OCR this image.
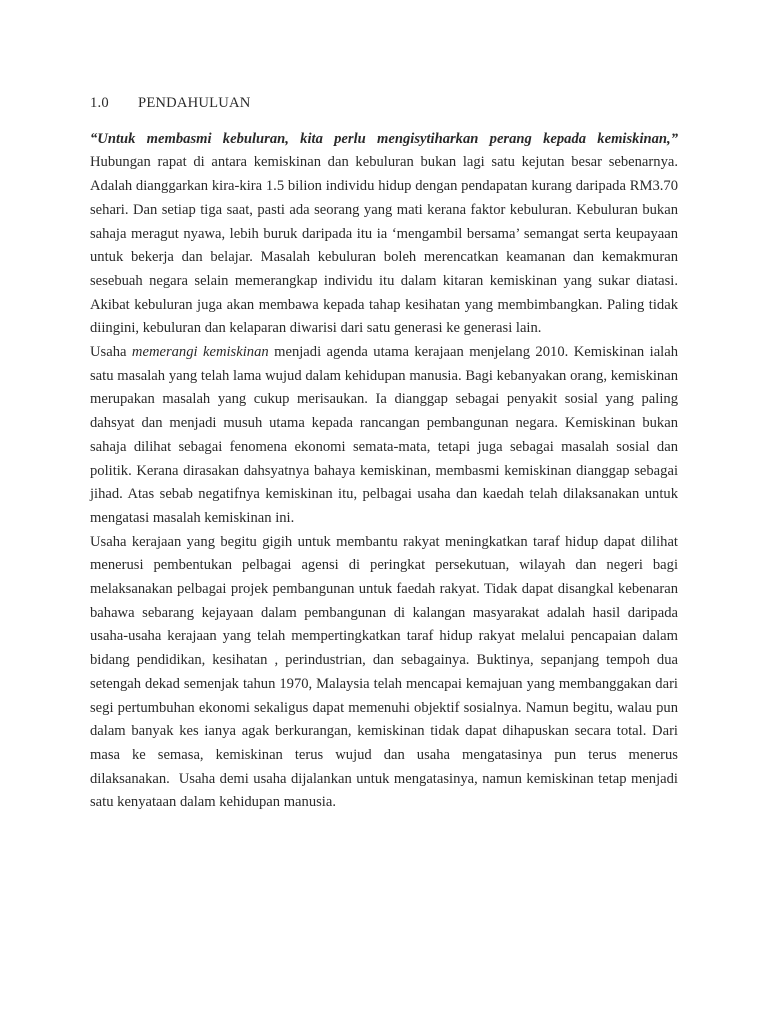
1.0	PENDAHULUAN

“Untuk membasmi kebuluran, kita perlu mengisytiharkan perang kepada kemiskinan,” Hubungan rapat di antara kemiskinan dan kebuluran bukan lagi satu kejutan besar sebenarnya. Adalah dianggarkan kira-kira 1.5 bilion individu hidup dengan pendapatan kurang daripada RM3.70 sehari. Dan setiap tiga saat, pasti ada seorang yang mati kerana faktor kebuluran. Kebuluran bukan sahaja meragut nyawa, lebih buruk daripada itu ia ‘mengambil bersama’ semangat serta keupayaan untuk bekerja dan belajar. Masalah kebuluran boleh merencatkan keamanan dan kemakmuran sesebuah negara selain memerangkap individu itu dalam kitaran kemiskinan yang sukar diatasi. Akibat kebuluran juga akan membawa kepada tahap kesihatan yang membimbangkan. Paling tidak diingini, kebuluran dan kelaparan diwarisi dari satu generasi ke generasi lain.

Usaha memerangi kemiskinan menjadi agenda utama kerajaan menjelang 2010. Kemiskinan ialah satu masalah yang telah lama wujud dalam kehidupan manusia. Bagi kebanyakan orang, kemiskinan merupakan masalah yang cukup merisaukan. Ia dianggap sebagai penyakit sosial yang paling dahsyat dan menjadi musuh utama kepada rancangan pembangunan negara. Kemiskinan bukan sahaja dilihat sebagai fenomena ekonomi semata-mata, tetapi juga sebagai masalah sosial dan politik. Kerana dirasakan dahsyatnya bahaya kemiskinan, membasmi kemiskinan dianggap sebagai jihad. Atas sebab negatifnya kemiskinan itu, pelbagai usaha dan kaedah telah dilaksanakan untuk mengatasi masalah kemiskinan ini.

Usaha kerajaan yang begitu gigih untuk membantu rakyat meningkatkan taraf hidup dapat dilihat menerusi pembentukan pelbagai agensi di peringkat persekutuan, wilayah dan negeri bagi melaksanakan pelbagai projek pembangunan untuk faedah rakyat. Tidak dapat disangkal kebenaran bahawa sebarang kejayaan dalam pembangunan di kalangan masyarakat adalah hasil daripada usaha-usaha kerajaan yang telah mempertingkatkan taraf hidup rakyat melalui pencapaian dalam bidang pendidikan, kesihatan , perindustrian, dan sebagainya. Buktinya, sepanjang tempoh dua setengah dekad semenjak tahun 1970, Malaysia telah mencapai kemajuan yang membanggakan dari segi pertumbuhan ekonomi sekaligus dapat memenuhi objektif sosialnya. Namun begitu, walau pun dalam banyak kes ianya agak berkurangan, kemiskinan tidak dapat dihapuskan secara total. Dari masa ke semasa, kemiskinan terus wujud dan usaha mengatasinya pun terus menerus dilaksanakan.  Usaha demi usaha dijalankan untuk mengatasinya, namun kemiskinan tetap menjadi satu kenyataan dalam kehidupan manusia.
